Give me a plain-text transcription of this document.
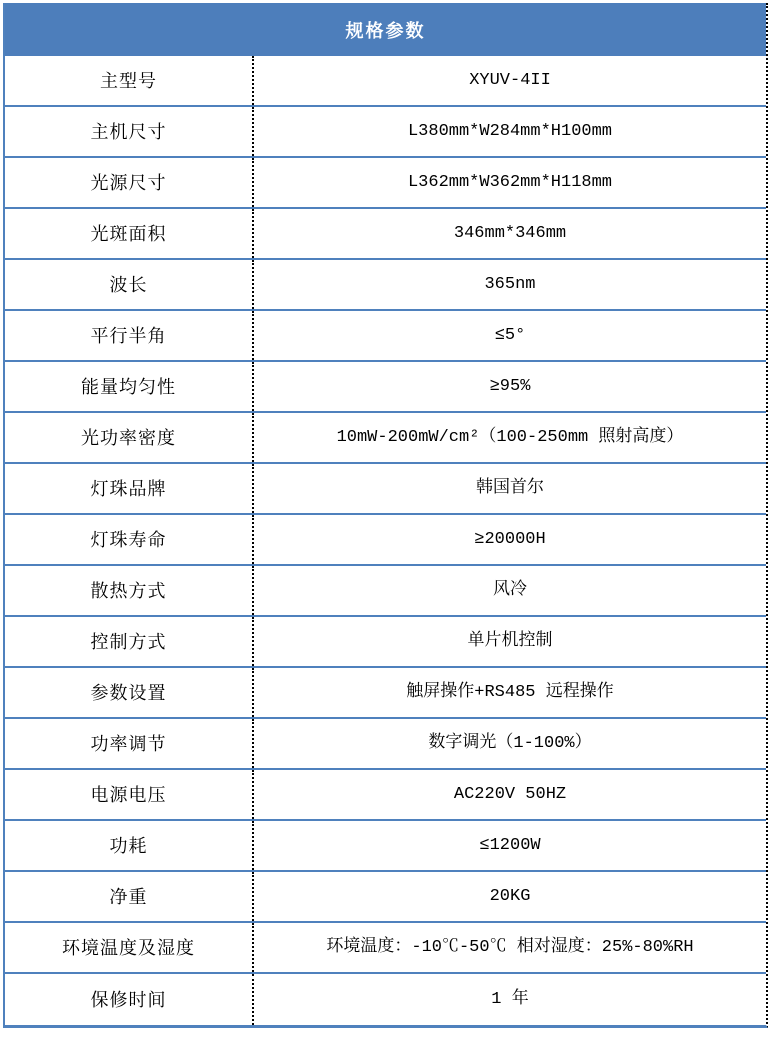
规格参数
主型号	XYUV-4II
主机尺寸	L380mm*W284mm*H100mm
光源尺寸	L362mm*W362mm*H118mm
光斑面积	346mm*346mm
波长	365nm
平行半角	≤5°
能量均匀性	≥95%
光功率密度	10mW-200mW/cm²（100-250mm 照射高度）
灯珠品牌	韩国首尔
灯珠寿命	≥20000H
散热方式	风冷
控制方式	单片机控制
参数设置	触屏操作+RS485 远程操作
功率调节	数字调光（1-100%）
电源电压	AC220V 50HZ
功耗	≤1200W
净重	20KG
环境温度及湿度	环境温度：-10℃-50℃ 相对湿度：25%-80%RH
保修时间	1 年
